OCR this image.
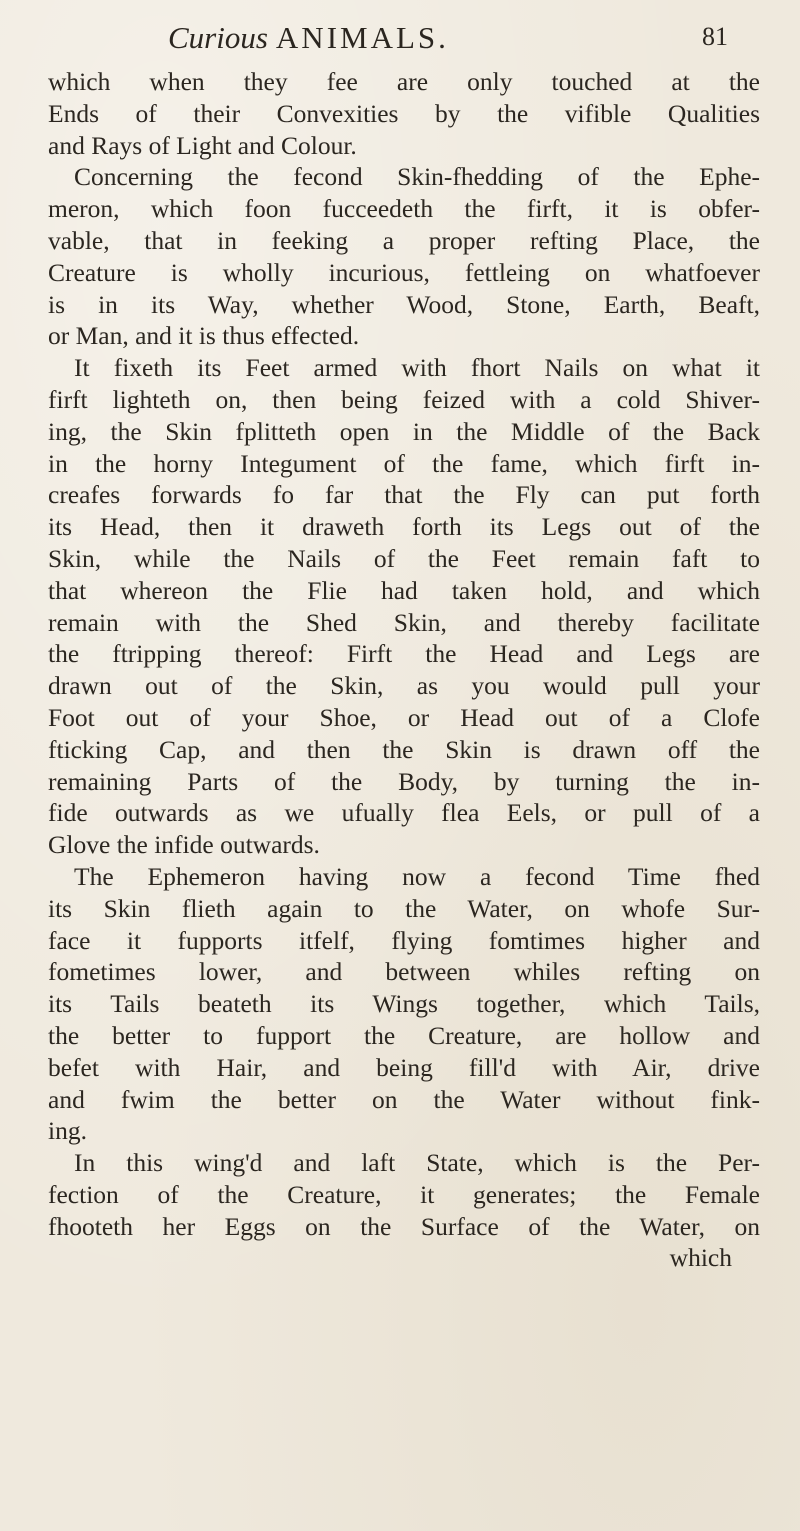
Curious ANIMALS.	81
which when they fee are only touched at the
Ends of their Convexities by the vifible Qualities
and Rays of Light and Colour.
Concerning the fecond Skin-fhedding of the Ephe-
meron, which foon fucceedeth the firft, it is obfer-
vable, that in feeking a proper refting Place, the
Creature is wholly incurious, fettleing on whatfoever
is in its Way, whether Wood, Stone, Earth, Beaft,
or Man, and it is thus effected.
It fixeth its Feet armed with fhort Nails on what it
firft lighteth on, then being feized with a cold Shiver-
ing, the Skin fplitteth open in the Middle of the Back
in the horny Integument of the fame, which firft in-
creafes forwards fo far that the Fly can put forth
its Head, then it draweth forth its Legs out of the
Skin, while the Nails of the Feet remain faft to
that whereon the Flie had taken hold, and which
remain with the Shed Skin, and thereby facilitate
the ftripping thereof: Firft the Head and Legs are
drawn out of the Skin, as you would pull your
Foot out of your Shoe, or Head out of a Clofe
fticking Cap, and then the Skin is drawn off the
remaining Parts of the Body, by turning the in-
fide outwards as we ufually flea Eels, or pull of a
Glove the infide outwards.
The Ephemeron having now a fecond Time fhed
its Skin flieth again to the Water, on whofe Sur-
face it fupports itfelf, flying fomtimes higher and
fometimes lower, and between whiles refting on
its Tails beateth its Wings together, which Tails,
the better to fupport the Creature, are hollow and
befet with Hair, and being fill'd with Air, drive
and fwim the better on the Water without fink-
ing.
In this wing'd and laft State, which is the Per-
fection of the Creature, it generates; the Female
fhooteth her Eggs on the Surface of the Water, on
which
